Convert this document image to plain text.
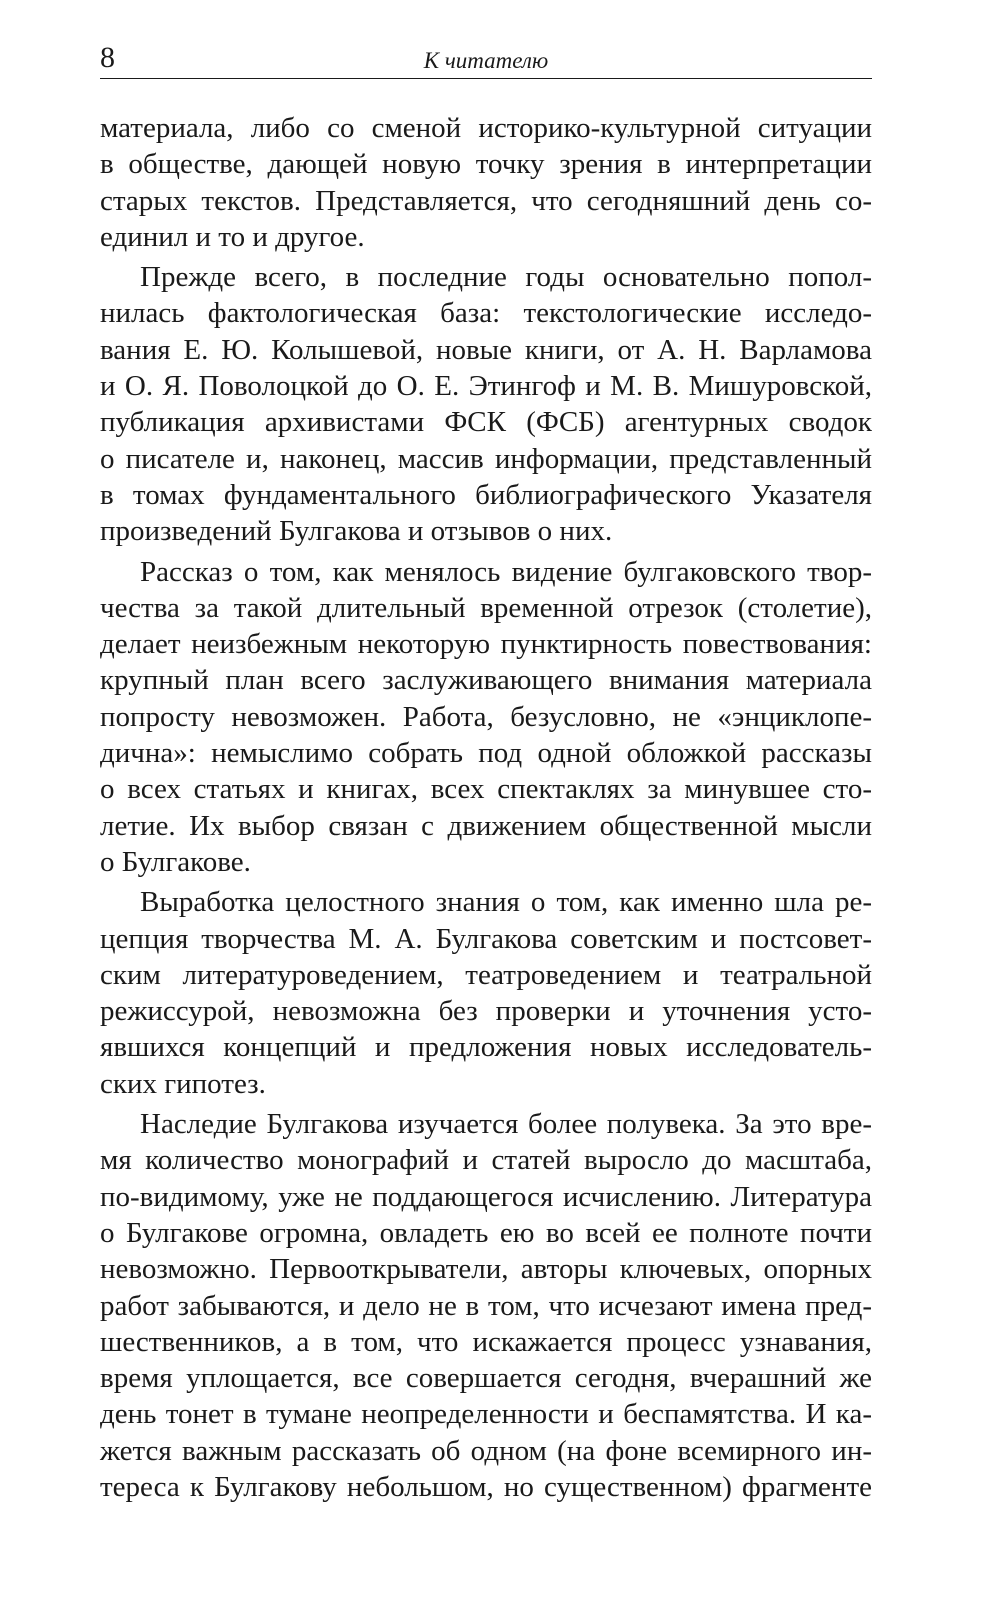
8	К читателю
материала, либо со сменой историко-культурной ситуации
в обществе, дающей новую точку зрения в интерпретации
старых текстов. Представляется, что сегодняшний день со-
единил и то и другое.
Прежде всего, в последние годы основательно попол-
нилась фактологическая база: текстологические исследо-
вания Е. Ю. Колышевой, новые книги, от А. Н. Варламова
и О. Я. Поволоцкой до О. Е. Этингоф и М. В. Мишуровской,
публикация архивистами ФСК (ФСБ) агентурных сводок
о писателе и, наконец, массив информации, представленный
в томах фундаментального библиографического Указателя
произведений Булгакова и отзывов о них.
Рассказ о том, как менялось видение булгаковского твор-
чества за такой длительный временной отрезок (столетие),
делает неизбежным некоторую пунктирность повествования:
крупный план всего заслуживающего внимания материала
попросту невозможен. Работа, безусловно, не «энциклопе-
дична»: немыслимо собрать под одной обложкой рассказы
о всех статьях и книгах, всех спектаклях за минувшее сто-
летие. Их выбор связан с движением общественной мысли
о Булгакове.
Выработка целостного знания о том, как именно шла ре-
цепция творчества М. А. Булгакова советским и постсовет-
ским литературоведением, театроведением и театральной
режиссурой, невозможна без проверки и уточнения усто-
явшихся концепций и предложения новых исследователь-
ских гипотез.
Наследие Булгакова изучается более полувека. За это вре-
мя количество монографий и статей выросло до масштаба,
по-видимому, уже не поддающегося исчислению. Литература
о Булгакове огромна, овладеть ею во всей ее полноте почти
невозможно. Первооткрыватели, авторы ключевых, опорных
работ забываются, и дело не в том, что исчезают имена пред-
шественников, а в том, что искажается процесс узнавания,
время уплощается, все совершается сегодня, вчерашний же
день тонет в тумане неопределенности и беспамятства. И ка-
жется важным рассказать об одном (на фоне всемирного ин-
тереса к Булгакову небольшом, но существенном) фрагменте
